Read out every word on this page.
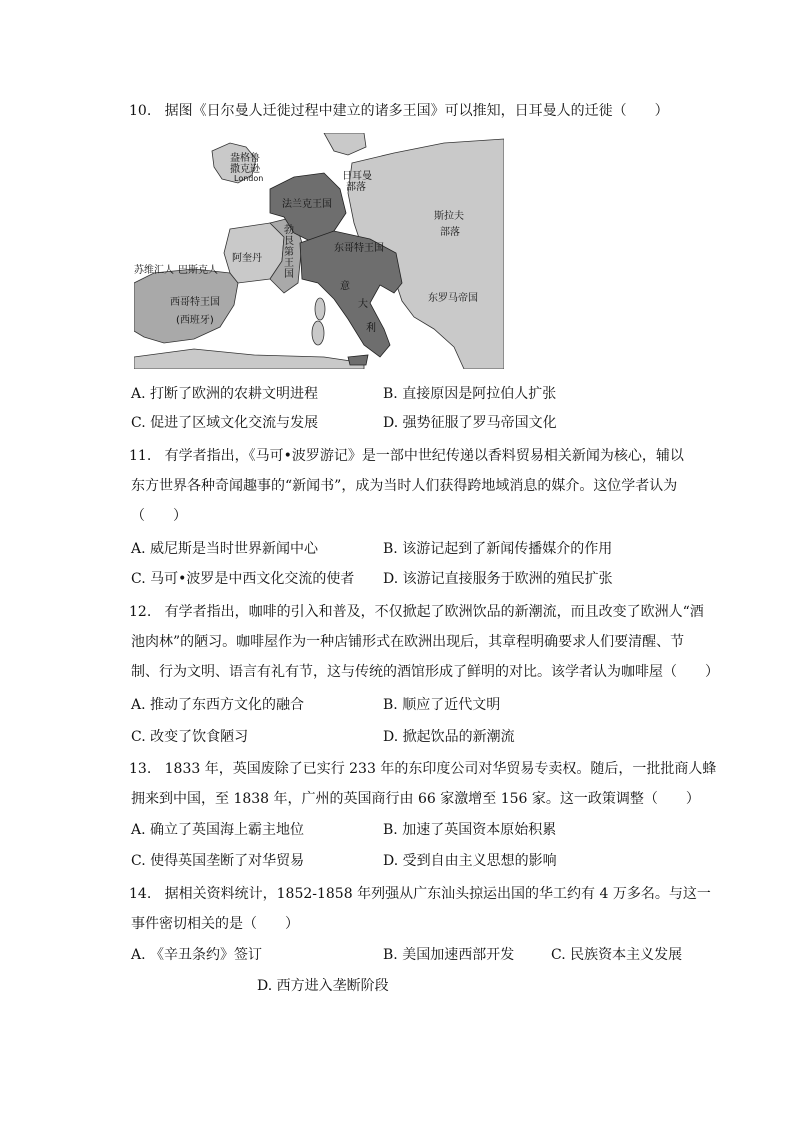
10. 据图《日尔曼人迁徙过程中建立的诸多王国》可以推知，日耳曼人的迁徙（　　）
盎格鲁
撒克逊
London	日耳曼
部落
法兰克王国
斯拉夫
部落
勃
艮
第
王
国
阿奎丹
东哥特王国
苏维汇人 巴斯克人
西哥特王国
(西班牙)
东罗马帝国
意
大
利
A. 打断了欧洲的农耕文明进程	B. 直接原因是阿拉伯人扩张
C. 促进了区域文化交流与发展	D. 强势征服了罗马帝国文化
11. 有学者指出，《马可•波罗游记》是一部中世纪传递以香料贸易相关新闻为核心，辅以
东方世界各种奇闻趣事的“新闻书”，成为当时人们获得跨地域消息的媒介。这位学者认为
（　　）
A. 威尼斯是当时世界新闻中心	B. 该游记起到了新闻传播媒介的作用
C. 马可•波罗是中西文化交流的使者 D. 该游记直接服务于欧洲的殖民扩张
12. 有学者指出，咖啡的引入和普及，不仅掀起了欧洲饮品的新潮流，而且改变了欧洲人“酒
池肉林”的陋习。咖啡屋作为一种店铺形式在欧洲出现后，其章程明确要求人们要清醒、节
制、行为文明、语言有礼有节，这与传统的酒馆形成了鲜明的对比。该学者认为咖啡屋（　　）
A. 推动了东西方文化的融合	B. 顺应了近代文明
C. 改变了饮食陋习	D. 掀起饮品的新潮流
13. 1833 年，英国废除了已实行 233 年的东印度公司对华贸易专卖权。随后，一批批商人蜂
拥来到中国，至 1838 年，广州的英国商行由 66 家激增至 156 家。这一政策调整（　　）
A. 确立了英国海上霸主地位	B. 加速了英国资本原始积累
C. 使得英国垄断了对华贸易	D. 受到自由主义思想的影响
14. 据相关资料统计，1852-1858 年列强从广东汕头掠运出国的华工约有 4 万多名。与这一
事件密切相关的是（　　）
A. 《辛丑条约》签订	B. 美国加速西部开发	C. 民族资本主义发展
D. 西方进入垄断阶段
